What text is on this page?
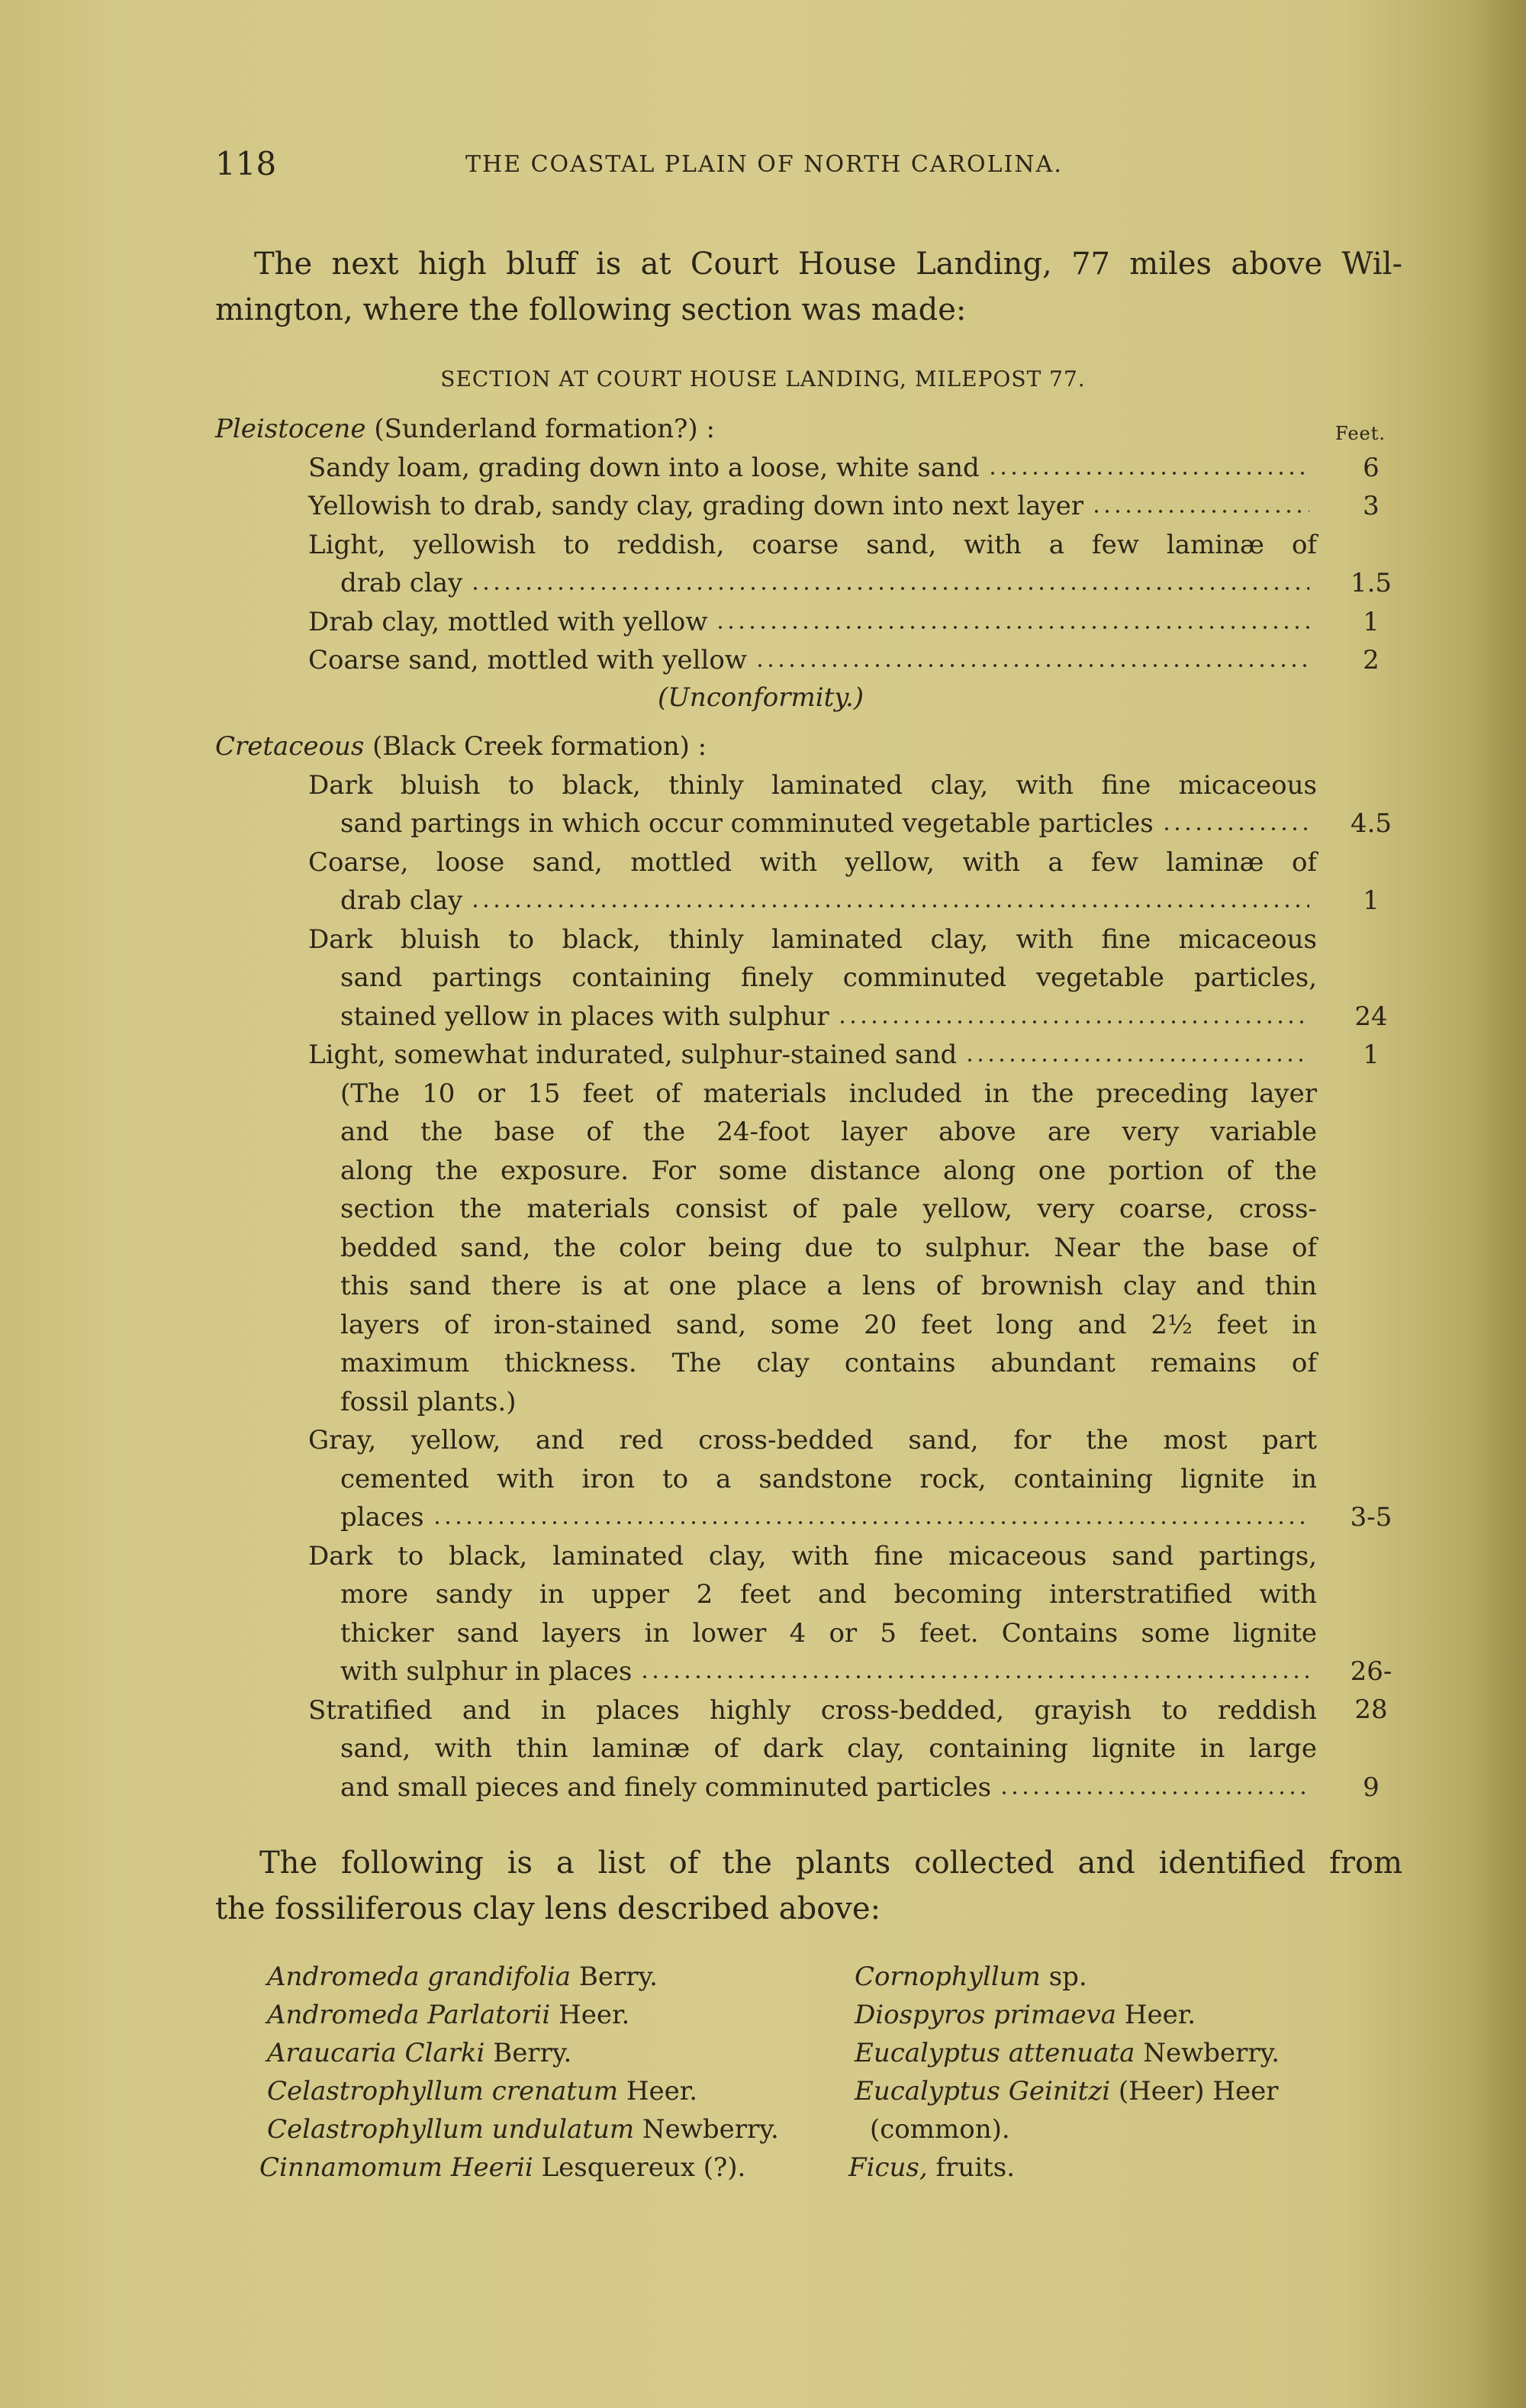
118	THE COASTAL PLAIN OF NORTH CAROLINA.
The next high bluff is at Court House Landing, 77 miles above Wil-
mington, where the following section was made:
SECTION AT COURT HOUSE LANDING, MILEPOST 77.
Pleistocene (Sunderland formation?) :	Feet.
Sandy loam, grading down into a loose, white sand	6
Yellowish to drab, sandy clay, grading down into next layer	3
Light, yellowish to reddish, coarse sand, with a few laminæ of
drab clay	1.5
Drab clay, mottled with yellow	1
Coarse sand, mottled with yellow	2
(Unconformity.)
Cretaceous (Black Creek formation) :
Dark bluish to black, thinly laminated clay, with fine micaceous
sand partings in which occur comminuted vegetable particles	4.5
Coarse, loose sand, mottled with yellow, with a few laminæ of
drab clay	1
Dark bluish to black, thinly laminated clay, with fine micaceous
sand partings containing finely comminuted vegetable particles,
stained yellow in places with sulphur	24
Light, somewhat indurated, sulphur-stained sand	1
(The 10 or 15 feet of materials included in the preceding layer
and the base of the 24-foot layer above are very variable
along the exposure. For some distance along one portion of the
section the materials consist of pale yellow, very coarse, cross-
bedded sand, the color being due to sulphur. Near the base of
this sand there is at one place a lens of brownish clay and thin
layers of iron-stained sand, some 20 feet long and 2½ feet in
maximum thickness. The clay contains abundant remains of
fossil plants.)
Gray, yellow, and red cross-bedded sand, for the most part
cemented with iron to a sandstone rock, containing lignite in
places	3-5
Dark to black, laminated clay, with fine micaceous sand partings,
more sandy in upper 2 feet and becoming interstratified with
thicker sand layers in lower 4 or 5 feet. Contains some lignite
with sulphur in places	26-28
Stratified and in places highly cross-bedded, grayish to reddish
sand, with thin laminæ of dark clay, containing lignite in large
and small pieces and finely comminuted particles	9
The following is a list of the plants collected and identified from
the fossiliferous clay lens described above:
Andromeda grandifolia Berry.
Andromeda Parlatorii Heer.
Araucaria Clarki Berry.
Celastrophyllum crenatum Heer.
Celastrophyllum undulatum Newberry.
Cinnamomum Heerii Lesquereux (?).
Cornophyllum sp.
Diospyros primaeva Heer.
Eucalyptus attenuata Newberry.
Eucalyptus Geinitzi (Heer) Heer
(common).
Ficus, fruits.
